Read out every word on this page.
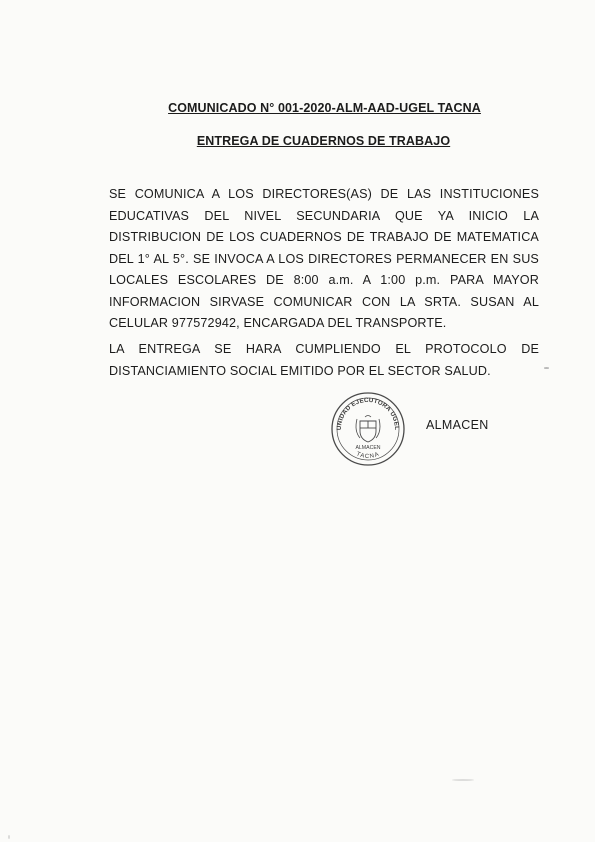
COMUNICADO N° 001-2020-ALM-AAD-UGEL TACNA
ENTREGA DE CUADERNOS DE TRABAJO
SE COMUNICA A LOS DIRECTORES(AS) DE LAS INSTITUCIONES EDUCATIVAS DEL NIVEL SECUNDARIA QUE YA INICIO LA DISTRIBUCION DE LOS CUADERNOS DE TRABAJO DE MATEMATICA DEL 1° AL 5°. SE INVOCA A LOS DIRECTORES PERMANECER EN SUS LOCALES ESCOLARES DE 8:00 a.m. A 1:00 p.m. PARA MAYOR INFORMACION SIRVASE COMUNICAR CON LA SRTA. SUSAN AL CELULAR 977572942, ENCARGADA DEL TRANSPORTE.
LA ENTREGA SE HARA CUMPLIENDO EL PROTOCOLO DE DISTANCIAMIENTO SOCIAL EMITIDO POR EL SECTOR SALUD.
UNIDAD EJECUTORA UGEL
ALMACEN
TACNA
ALMACEN
